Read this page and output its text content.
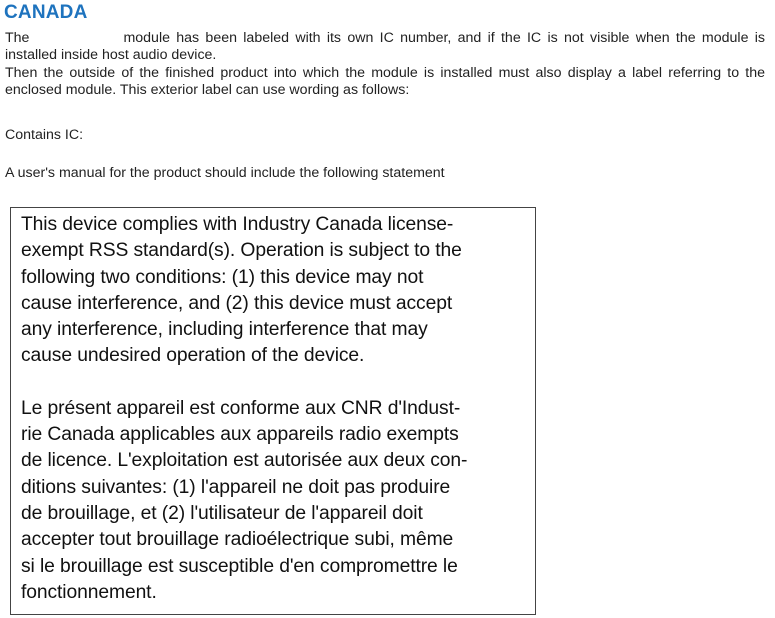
CANADA

The	module has been labeled with its own IC number, and if the IC is not visible when the module is installed inside host audio device.

Then the outside of the finished product into which the module is installed must also display a label referring to the enclosed module. This exterior label can use wording as follows:

Contains IC:

A user's manual for the product should include the following statement

This device complies with Industry Canada license-
exempt RSS standard(s). Operation is subject to the
following two conditions: (1) this device may not
cause interference, and (2) this device must accept
any interference, including interference that may
cause undesired operation of the device.

Le présent appareil est conforme aux CNR d'Indust-
rie Canada applicables aux appareils radio exempts
de licence. L'exploitation est autorisée aux deux con-
ditions suivantes: (1) l'appareil ne doit pas produire
de brouillage, et (2) l'utilisateur de l'appareil doit
accepter tout brouillage radioélectrique subi, même
si le brouillage est susceptible d'en compromettre le
fonctionnement.
